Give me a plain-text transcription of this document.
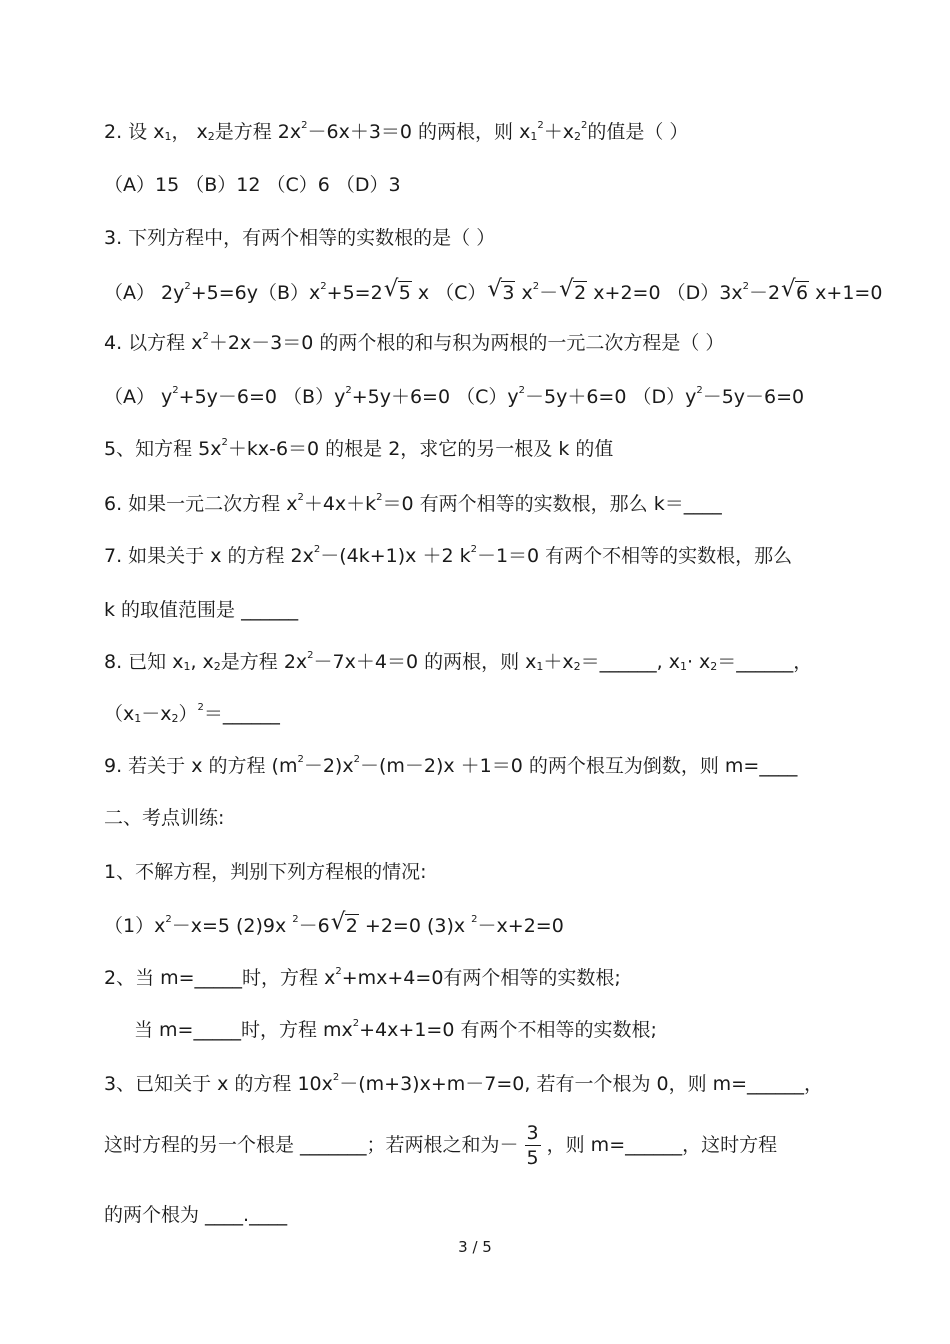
2. 设 $x_1$， $x_2$是方程 $2x^2-6x+3=0$ 的两根，则 $x_1^2+x_2^2$的值是（ ）
（A）15 （B）12 （C）6 （D）3
3. 下列方程中，有两个相等的实数根的是（ ）
（A） $2y^2+5=6y(B)x^2+5=2√$ 5 x （C）√ 3 $x^2-√$ 2 x+2=0 $(D)3x^2-2√$ 6 x+1=0
4. 以方程 $x^2+2x-3=0$ 的两个根的和与积为两根的一元二次方程是（ ）
（A） $y^2+5y-6=0$ $(B)y^2+5y+6=0$ $(C)y^2-5y+6=0$ $(D)y^2-5y-6=0$
5、知方程 $5x^2+kx-6=0$ 的根是 2，求它的另一根及 k 的值
6. 如果一元二次方程 $x^2+4x+k^2=0$ 有两个相等的实数根，那么 k＝____
7. 如果关于 x 的方程 $2x^2-(4k+1)x +2$ $k^2-1=0$ 有两个不相等的实数根，那么
k 的取值范围是 ______
8. 已知 $x_1$, $x_2$是方程 $2x^2-7x+4=0$ 的两根，则 $x_1+x_2=\_\_\_\_\_\_$, $x_1\cdot$ $x_2=\_\_\_\_\_\_$，
$(x_1-x_2)^2=\_\_\_\_\_\_$
9. 若关于 x 的方程 $(m^2-2)x^2-(m-2)x +1=0$ 的两个根互为倒数，则 m=____
二、考点训练:
1、不解方程，判别下列方程根的情况:
$(1)x^2-x=5$ (2)9x $^2$－6√ 2 +2=0 (3)x $^2$－x+2=0
2、当 m=_____时，方程 $x^2+mx+4=0$有两个相等的实数根;
当 m=_____时，方程 $mx^2+4x+1=0$ 有两个不相等的实数根;
3、已知关于 x 的方程 $10x^2-(m+3)x+m-7=0$, 若有一个根为 0，则 m=______，
这时方程的另一个根是 _______；若两根之和为－ $\frac{3}{5}$ ，则 m=______，这时方程
的两个根为 ____.____
3 / 5
